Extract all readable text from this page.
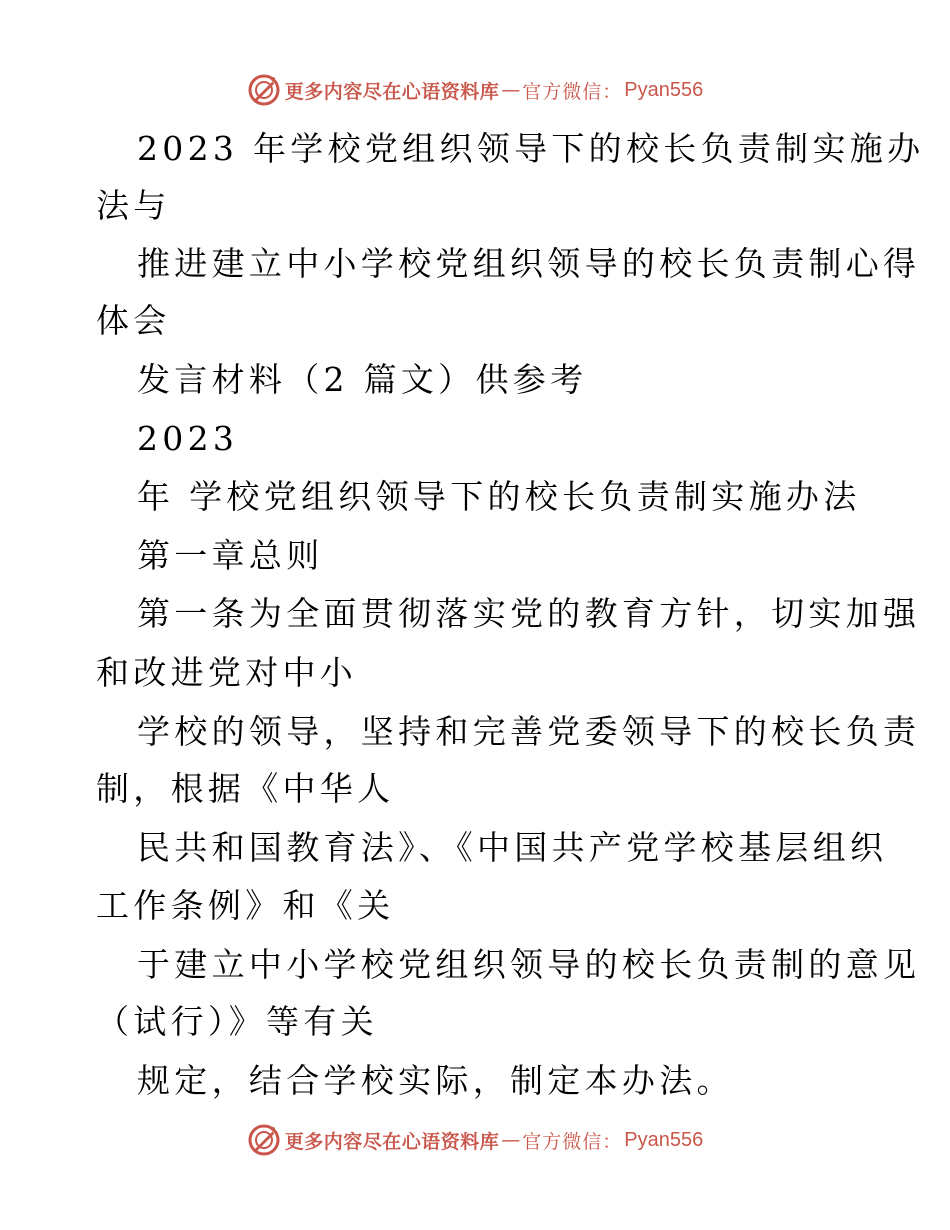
更多内容尽在心语资料库 — 官方微信： Pyan556
2023 年学校党组织领导下的校长负责制实施办
法与
推进建立中小学校党组织领导的校长负责制心得
体会
发言材料（2 篇文）供参考
2023
年 学校党组织领导下的校长负责制实施办法
第一章总则
第一条为全面贯彻落实党的教育方针，切实加强
和改进党对中小
学校的领导，坚持和完善党委领导下的校长负责
制，根据《中华人
民共和国教育法》、《中国共产党学校基层组织
工作条例》和《关
于建立中小学校党组织领导的校长负责制的意见
（试行）》等有关
规定，结合学校实际，制定本办法。
更多内容尽在心语资料库 — 官方微信： Pyan556
